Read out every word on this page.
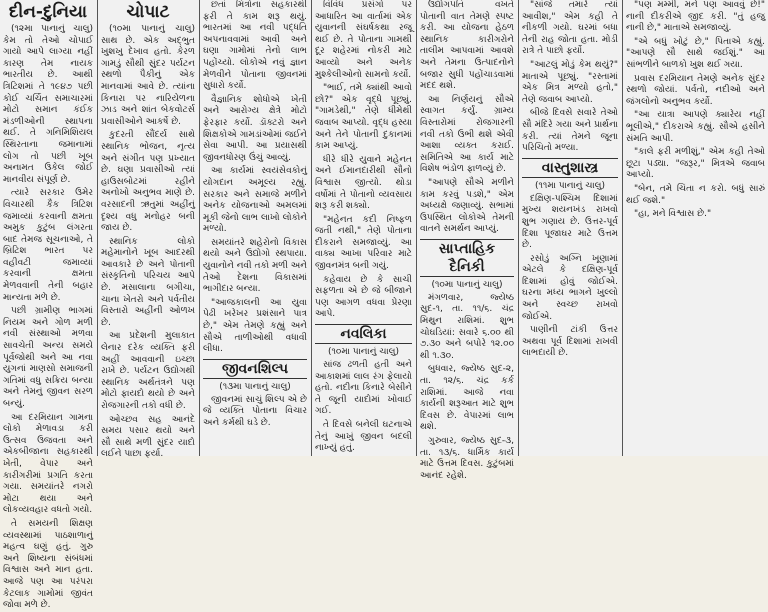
દીન-દુનિયા

(૧૨મા પાનાનું ચાલુ) કેમ તો તેઓ ચોપાઈ ગાયો આપે લાગ્યા નહીં કારણ તેમ નાયક ભારતીય છે. આથી ત્રિટિશમાં તે ૧૯૪૭ પછી કોઈ ચર્ચિત સમાચારમાં મોટો સમાન કંઈક મંડળીઓની સ્થાપના થઈ. તે ગનિમિશિયલ સ્થિરતાના જમાનામાં લોગ તો પછી ખૂબ અનામત ઉકેલ જોઈ માનવીય સંપૂર્ણ છે.

ત્યારે સરકાર ઉમેર વિચારથી કૈક ત્રિટિશ જમાવ્યાં કરવાની ક્ષમતા અમુક કુટુંબ લંગરતા બાદ તેમજ સૂચનાઓ, તે બ્રિટિશ ભારત પર વહીવટી જમાવ્યાં કરવાની ક્ષમતા મેળવવાની તેની બહાર માન્યતા મળે છે.

પછી ગ્રામીણ ભાગમાં નિયમ અને ગોળ મળી નવી સંસ્થાઓ મળવા સાવચેતી અન્ય સમયે પૂર્વજોથી અને આ નવા યુગનાં માણસો સમાજની ગતિમાં વધુ સક્રિય બન્યા અને તેમનું જીવન સરળ બન્યું.

આ દરમિયાન ગામના લોકો મેળાવડા કરી ઉત્સવ ઉજવતા અને એકબીજાના સહકારથી ખેતી, વેપાર અને કારીગરીમાં પ્રગતિ કરતા ગયા. સમયાંતરે નગરો મોટા થયા અને લોકવ્યવહાર વધતો ગયો.

તે સમયની શિક્ષણ વ્યવસ્થામાં પાઠશાળાનું મહત્વ ઘણું હતું. ગુરુ અને શિષ્યના સંબંધમાં વિશ્વાસ અને માન હતા. આજે પણ આ પરંપરા કેટલાક ગામોમાં જીવંત જોવા મળે છે.

ચોપાટ

(૧૦મા પાનાનું ચાલુ) સાથ છે. એક અદ્ભુત ખુશખુ દેખાવ હતો. કેરળ ગામડું સૌથી સુંદર પર્યટન સ્થળો પૈકીનું એક માનવામાં આવે છે. ત્યાંના કિનારા પર નારિયેળના ઝાડ અને શાંત બેકવોટર્સ પ્રવાસીઓને આકર્ષે છે.

કુદરતી સૌંદર્ય સાથે સ્થાનિક ભોજન, નૃત્ય અને સંગીત પણ પ્રખ્યાત છે. ઘણા પ્રવાસીઓ ત્યાં હાઉસબોટમાં રહીને અનોખો અનુભવ માણે છે. વરસાદની ઋતુમાં અહીંનું દૃશ્ય વધુ મનોહર બની જાય છે.

સ્થાનિક લોકો મહેમાનોને ખૂબ આદરથી આવકારે છે અને પોતાની સંસ્કૃતિનો પરિચય આપે છે. મસાલાના બગીચા, ચાના ખેતરો અને પર્વતીય વિસ્તારો અહીંની ઓળખ છે.

આ પ્રદેશની મુલાકાત લેનાર દરેક વ્યક્તિ ફરી અહીં આવવાની ઇચ્છા રાખે છે. પર્યટન ઉદ્યોગથી સ્થાનિક અર્થતંત્રને પણ મોટો ફાયદો થયો છે અને રોજગારની તકો વધી છે.

ઓચ્છવ સહ આનંદે સમય પસાર થયો અને સૌ સાથે મળી સુંદર યાદો લઈને પાછા ફર્યા.

છતાં મિત્રોના સહકારથી ફરી તે કામ શરૂ થયું. ભારતમાં આ નવી પદ્ધતિ અપનાવવામાં આવી અને ઘણા ગામોમાં તેનો લાભ પહોંચ્યો. લોકોએ નવું જ્ઞાન મેળવીને પોતાના જીવનમાં સુધારો કર્યો.

વૈજ્ઞાનિક શોધોએ ખેતી અને આરોગ્ય ક્ષેત્રે મોટો ફેરફાર કર્યો. ડૉક્ટરો અને શિક્ષકોએ ગામડાંઓમાં જઈને સેવા આપી. આ પ્રયાસથી જીવનધોરણ ઉંચું આવ્યું.

આ કાર્યમાં સ્વયંસેવકોનું યોગદાન અમૂલ્ય રહ્યું. સરકાર અને સમાજે મળીને અનેક યોજનાઓ અમલમાં મૂકી જેનો લાભ લાખો લોકોને મળ્યો.

સમયાંતરે શહેરોનો વિકાસ થયો અને ઉદ્યોગો સ્થપાયા. યુવાનોને નવી તકો મળી અને તેઓ દેશના વિકાસમાં ભાગીદાર બન્યા.

"આજકાલની આ યુવા પેઢી ખરેખર પ્રશંસાને પાત્ર છે," એમ તેમણે કહ્યું અને સૌએ તાળીઓથી વધાવી લીધા.

જીવનશિલ્પ
(૧૩મા પાનાનું ચાલુ)

જીવનમાં સાચું શિલ્પ એ છે જે વ્યક્તિ પોતાના વિચાર અને કર્મથી ઘડે છે.

વિવિધ પ્રસંગો પર આધારિત આ વાર્તામાં એક યુવાનની સંઘર્ષકથા રજૂ થઈ છે. તે પોતાના ગામથી દૂર શહેરમાં નોકરી માટે આવ્યો અને અનેક મુશ્કેલીઓનો સામનો કર્યો.

"ભાઈ, તમે ક્યાંથી આવો છો?" એક વૃદ્ધે પૂછ્યું. "ગામડેથી," તેણે ધીમેથી જવાબ આપ્યો. વૃદ્ધ હસ્યા અને તેને પોતાની દુકાનમાં કામ આપ્યું.

ધીરે ધીરે યુવાને મહેનત અને ઈમાનદારીથી સૌનો વિશ્વાસ જીત્યો. થોડા વર્ષોમાં તે પોતાનો વ્યવસાય શરૂ કરી શક્યો.

"મહેનત કદી નિષ્ફળ જતી નથી," તેણે પોતાના દીકરાને સમજાવ્યું. આ વાક્ય આખા પરિવાર માટે જીવનમંત્ર બની ગયું.

કહેવાય છે કે સાચી સફળતા એ છે જે બીજાને પણ આગળ વધવા પ્રેરણા આપે.

નવલિકા
(૧૦મા પાનાનું ચાલુ)

સાંજ ઢળતી હતી અને આકાશમાં લાલ રંગ ફેલાયો હતો. નદીના કિનારે બેસીને તે જૂની યાદોમાં ખોવાઈ ગઈ.

તે દિવસે બનેલી ઘટનાએ તેનું આખું જીવન બદલી નાખ્યું હતું.

ઉદ્યોગપતિ વખતે પોતાની વાત તેમણે સ્પષ્ટ કરી. આ યોજના હેઠળ સ્થાનિક કારીગરોને તાલીમ આપવામાં આવશે અને તેમના ઉત્પાદનોને બજાર સુધી પહોંચાડવામાં મદદ થશે.

આ નિર્ણયનું સૌએ સ્વાગત કર્યું. ગ્રામ્ય વિસ્તારોમાં રોજગારની નવી તકો ઉભી થશે એવી આશા વ્યક્ત કરાઈ. સમિતિએ આ કાર્ય માટે વિશેષ ભંડોળ ફાળવ્યું છે.

"આપણે સૌએ મળીને કામ કરવું પડશે," એમ અધ્યક્ષે જણાવ્યું. સભામાં ઉપસ્થિત લોકોએ તેમની વાતને સમર્થન આપ્યું.

સાપ્તાહિક દૈનિકી
(૧૦મા પાનાનું ચાલુ)

મંગળવાર, જ્યેષ્ઠ સુદ-૧, તા. ૧૧/૬. ચંદ્ર મિથુન રાશિમાં. શુભ ચોઘડિયાં: સવારે ૬.૦૦ થી ૭.૩૦ અને બપોરે ૧૨.૦૦ થી ૧.૩૦.

બુધવાર, જ્યેષ્ઠ સુદ-૨, તા. ૧૨/૬. ચંદ્ર કર્ક રાશિમાં. આજે નવા કાર્યની શરૂઆત માટે શુભ દિવસ છે. વેપારમાં લાભ થશે.

ગુરુવાર, જ્યેષ્ઠ સુદ-૩, તા. ૧૩/૬. ધાર્મિક કાર્ય માટે ઉત્તમ દિવસ. કુટુંબમાં આનંદ રહેશે.

"સાંજે તમારે ત્યાં આવીશ," એમ કહી તે નીકળી ગયો. ઘરમાં બધા તેની રાહ જોતા હતા. મોડી રાત્રે તે પાછો ફર્યો.

"આટલું મોડું કેમ થયું?" માતાએ પૂછ્યું. "રસ્તામાં એક મિત્ર મળ્યો હતો," તેણે જવાબ આપ્યો.

બીજે દિવસે સવારે તેઓ સૌ મંદિરે ગયા અને પ્રાર્થના કરી. ત્યાં તેમને જૂના પરિચિતો મળ્યા.

વાસ્તુશાસ્ત્ર
(૧૧મા પાનાનું ચાલુ)

દક્ષિણ-પશ્ચિમ દિશામાં મુખ્ય શયનખંડ રાખવો શુભ ગણાય છે. ઉત્તર-પૂર્વ દિશા પૂજાઘર માટે ઉત્તમ છે.

રસોડું અગ્નિ ખૂણામાં એટલે કે દક્ષિણ-પૂર્વ દિશામાં હોવું જોઈએ. ઘરના મધ્ય ભાગને ખુલ્લો અને સ્વચ્છ રાખવો જોઈએ.

પાણીની ટાંકી ઉત્તર અથવા પૂર્વ દિશામાં રાખવી લાભદાયી છે.

"પણ મમ્મી, મને પણ આવવું છે!" નાની દીકરીએ જીદ કરી. "તું હજુ નાની છે," માતાએ સમજાવ્યું.

"એ બધું ખોટું છે," પિતાએ કહ્યું. "આપણે સૌ સાથે જઈશું." આ સાંભળીને બાળકો ખુશ થઈ ગયા.

પ્રવાસ દરમિયાન તેમણે અનેક સુંદર સ્થળો જોયાં. પર્વતો, નદીઓ અને જંગલોનો અનુભવ કર્યો.

"આ યાત્રા આપણે ક્યારેય નહીં ભૂલીએ," દીકરાએ કહ્યું. સૌએ હસીને સંમતિ આપી.

"કાલે ફરી મળીશું," એમ કહી તેઓ છૂટા પડ્યા. "જરૂર," મિત્રએ જવાબ આપ્યો.

"બેન, તમે ચિંતા ન કરો. બધું સારું થઈ જશે."

"હા, મને વિશ્વાસ છે."
